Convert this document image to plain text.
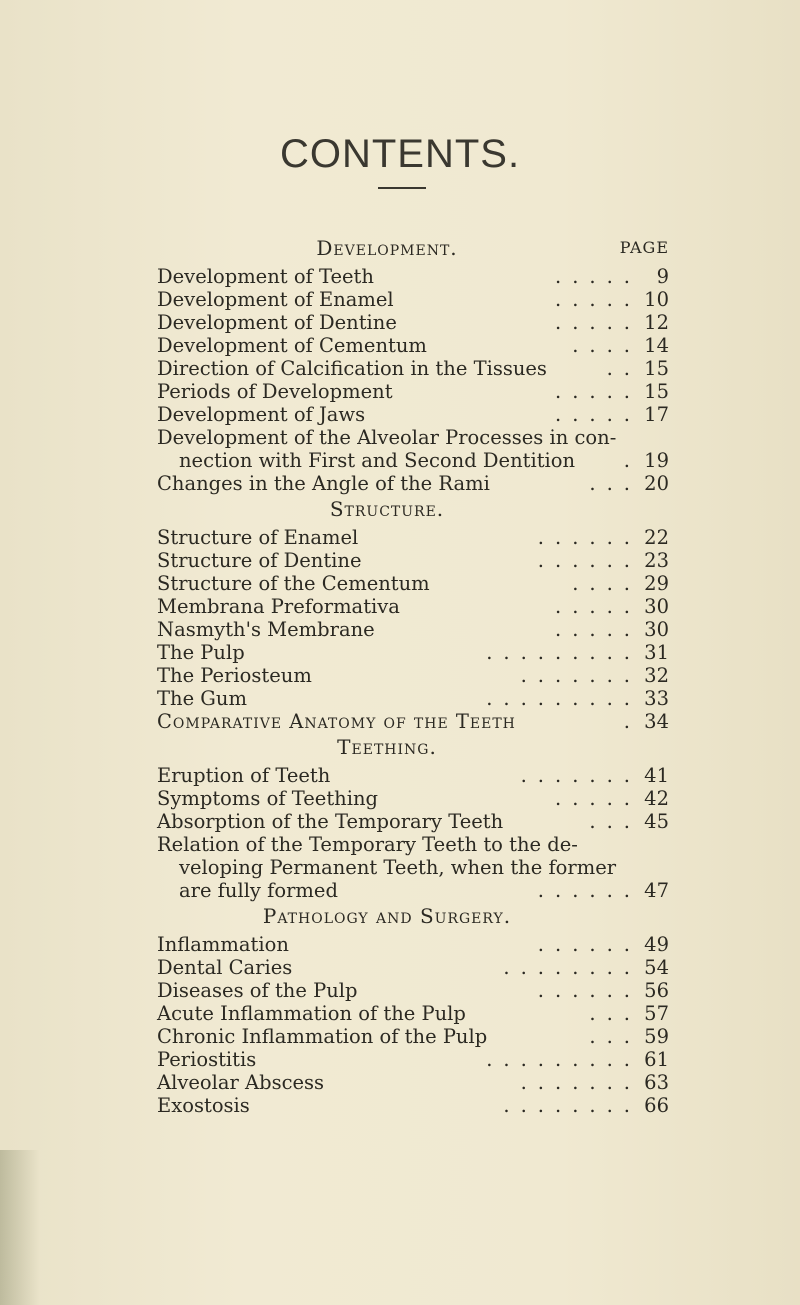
CONTENTS.
Development.	PAGE
Development of Teeth	..... 9
Development of Enamel	..... 10
Development of Dentine	..... 12
Development of Cementum	.... 14
Direction of Calcification in the Tissues	.. 15
Periods of Development	..... 15
Development of Jaws	..... 17
Development of the Alveolar Processes in con-
nection with First and Second Dentition . 19
Changes in the Angle of the Rami	... 20
Structure.
Structure of Enamel	...... 22
Structure of Dentine	...... 23
Structure of the Cementum	.... 29
Membrana Preformativa	..... 30
Nasmyth's Membrane	..... 30
The Pulp	......... 31
The Periosteum	....... 32
The Gum	......... 33
Comparative Anatomy of the Teeth	. 34
Teething.
Eruption of Teeth	....... 41
Symptoms of Teething	..... 42
Absorption of the Temporary Teeth	... 45
Relation of the Temporary Teeth to the de-
veloping Permanent Teeth, when the former
are fully formed	...... 47
Pathology and Surgery.
Inflammation	...... 49
Dental Caries	........ 54
Diseases of the Pulp	...... 56
Acute Inflammation of the Pulp	... 57
Chronic Inflammation of the Pulp	... 59
Periostitis	......... 61
Alveolar Abscess	....... 63
Exostosis	........ 66
